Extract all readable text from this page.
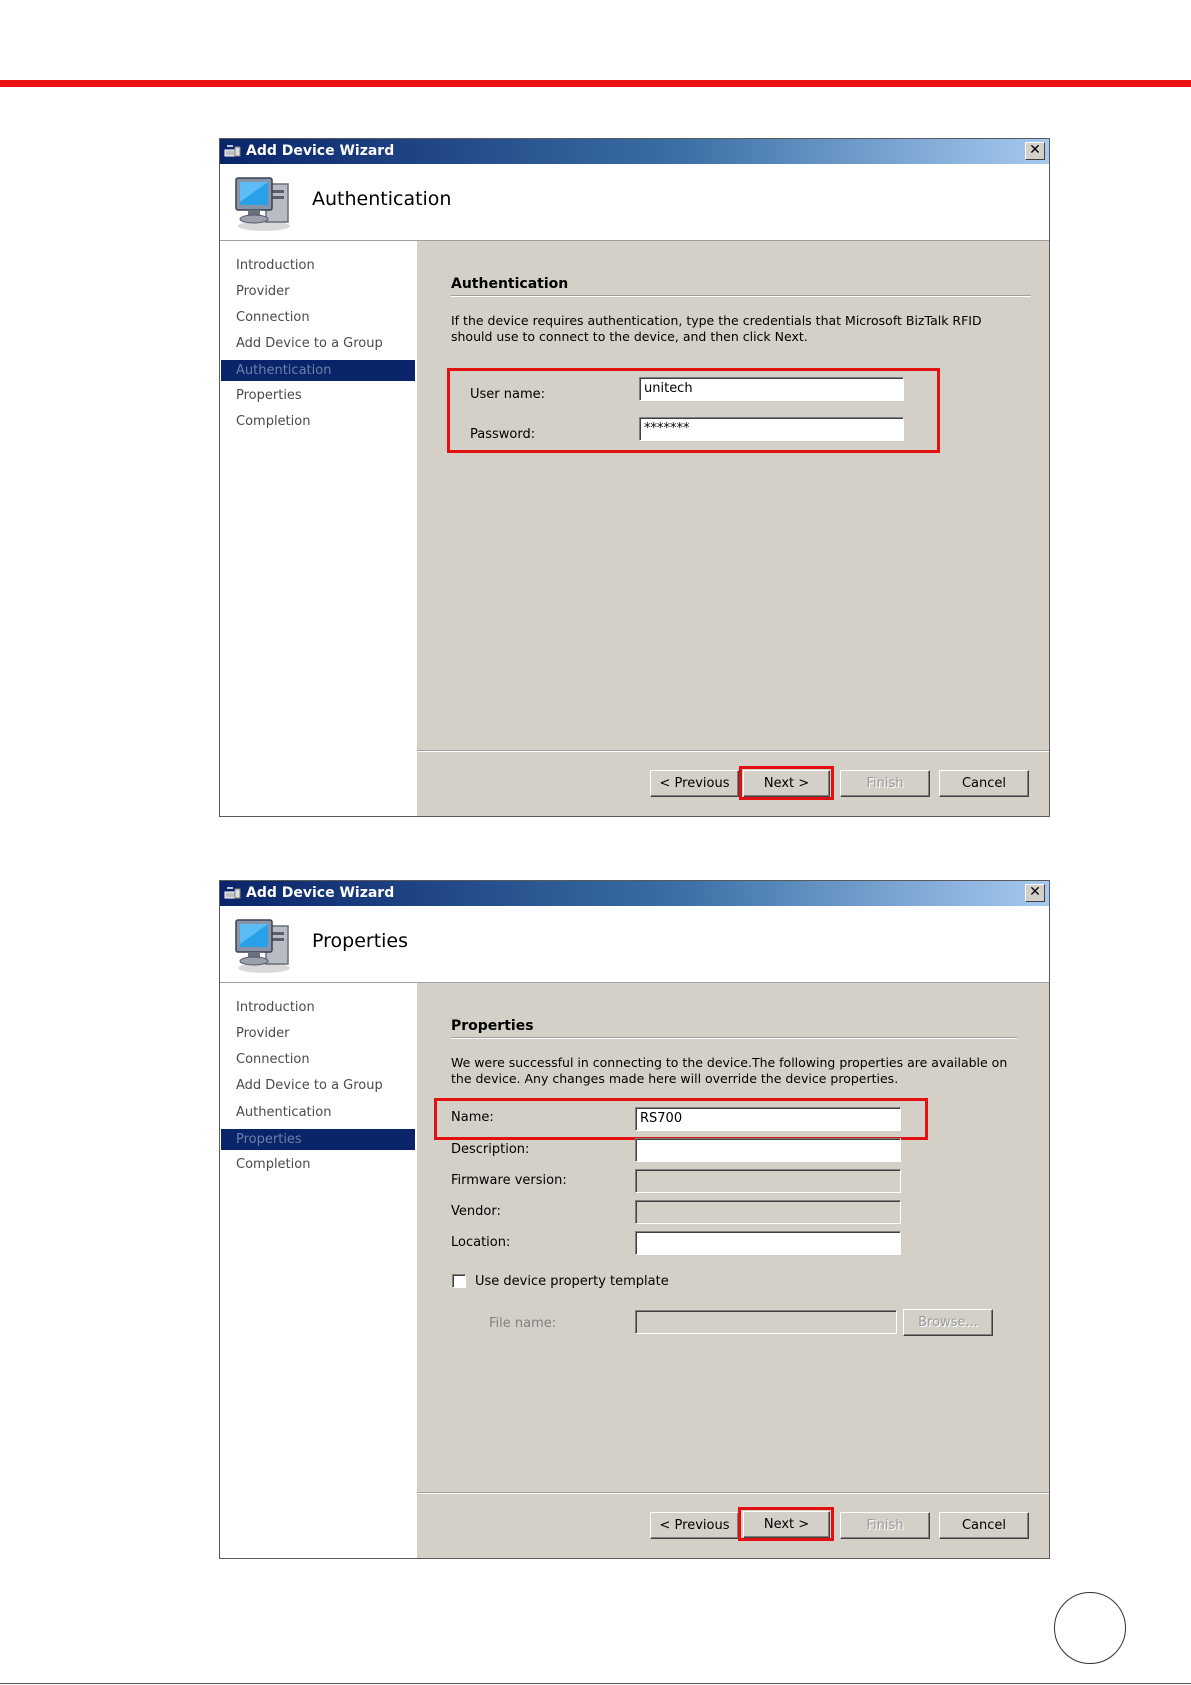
Add Device Wizard	✕
Authentication
Introduction
Provider
Connection
Add Device to a Group
Authentication
Properties
Completion
Authentication
If the device requires authentication, type the credentials that Microsoft BizTalk RFID should use to connect to the device, and then click Next.
User name:	unitech
Password:	*******
< Previous	Next >	Finish	Cancel
Add Device Wizard	✕
Properties
Introduction
Provider
Connection
Add Device to a Group
Authentication
Properties
Completion
Properties
We were successful in connecting to the device.The following properties are available on the device. Any changes made here will override the device properties.
Name:	RS700
Description:
Firmware version:
Vendor:
Location:
Use device property template
File name:	Browse...
< Previous	Next >	Finish	Cancel
